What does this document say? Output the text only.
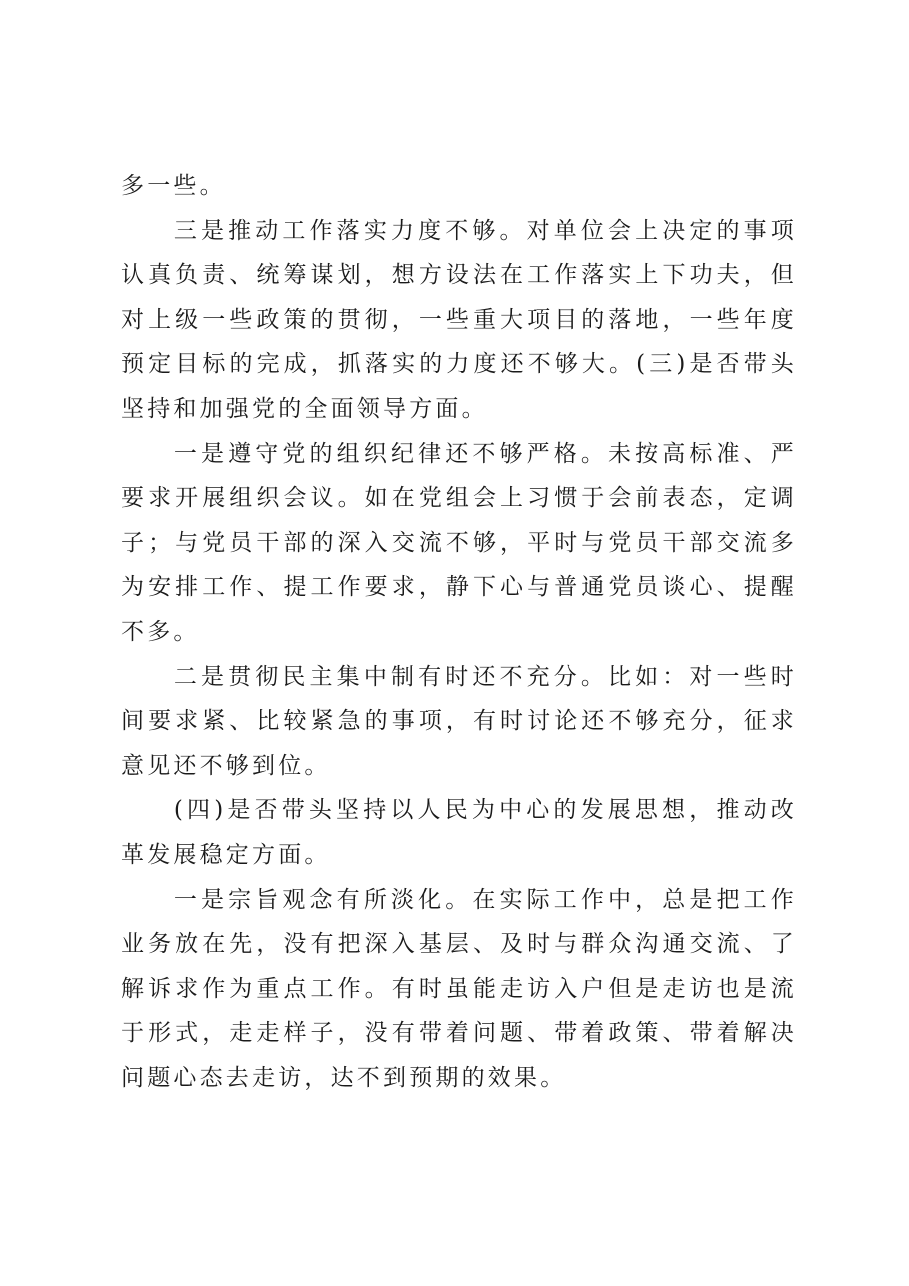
多一些。

三是推动工作落实力度不够。对单位会上决定的事项认真负责、统筹谋划，想方设法在工作落实上下功夫，但对上级一些政策的贯彻，一些重大项目的落地，一些年度预定目标的完成，抓落实的力度还不够大。(三)是否带头坚持和加强党的全面领导方面。

一是遵守党的组织纪律还不够严格。未按高标准、严要求开展组织会议。如在党组会上习惯于会前表态，定调子；与党员干部的深入交流不够，平时与党员干部交流多为安排工作、提工作要求，静下心与普通党员谈心、提醒不多。

二是贯彻民主集中制有时还不充分。比如：对一些时间要求紧、比较紧急的事项，有时讨论还不够充分，征求意见还不够到位。

(四)是否带头坚持以人民为中心的发展思想，推动改革发展稳定方面。

一是宗旨观念有所淡化。在实际工作中，总是把工作业务放在先，没有把深入基层、及时与群众沟通交流、了解诉求作为重点工作。有时虽能走访入户但是走访也是流于形式，走走样子，没有带着问题、带着政策、带着解决问题心态去走访，达不到预期的效果。
